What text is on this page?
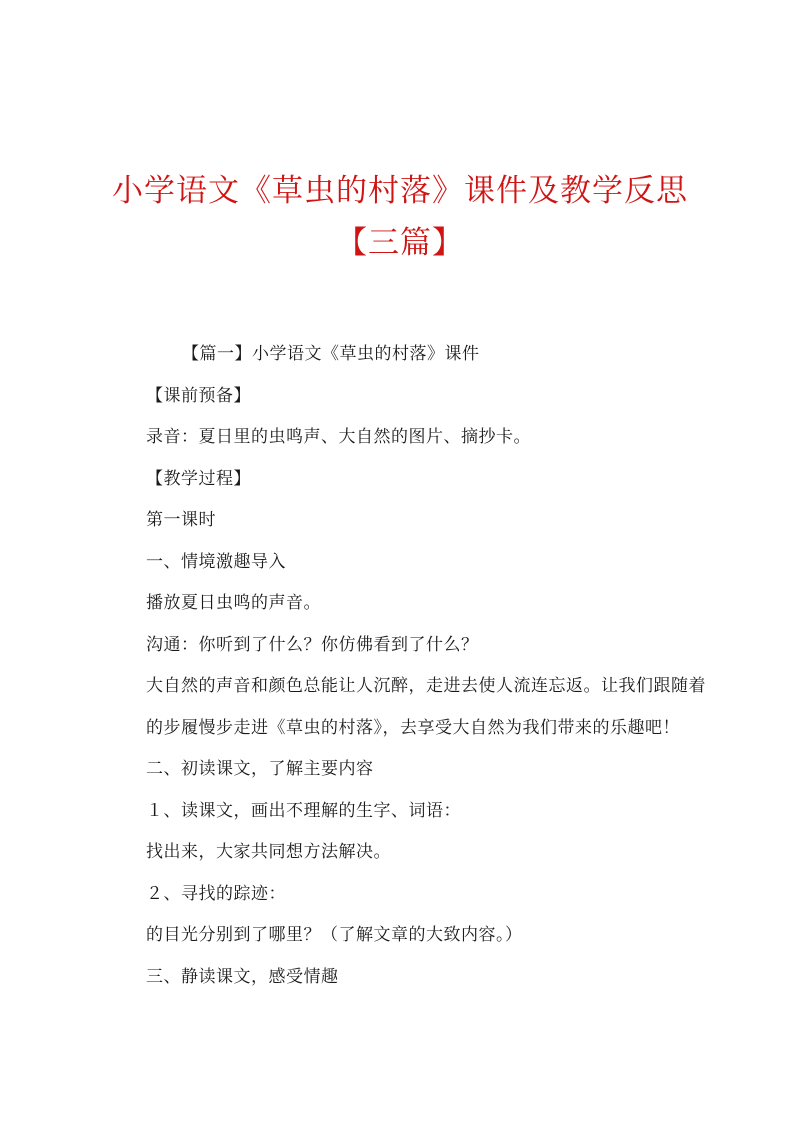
小学语文《草虫的村落》课件及教学反思【三篇】

【篇一】小学语文《草虫的村落》课件

【课前预备】

录音：夏日里的虫鸣声、大自然的图片、摘抄卡。

【教学过程】

第一课时

一、情境激趣导入

播放夏日虫鸣的声音。

沟通：你听到了什么？你仿佛看到了什么？

大自然的声音和颜色总能让人沉醉，走进去使人流连忘返。让我们跟随着的步履慢步走进《草虫的村落》，去享受大自然为我们带来的乐趣吧！

二、初读课文，了解主要内容

１、读课文，画出不理解的生字、词语：

找出来，大家共同想方法解决。

２、寻找的踪迹：

的目光分别到了哪里？（了解文章的大致内容。）

三、静读课文，感受情趣
